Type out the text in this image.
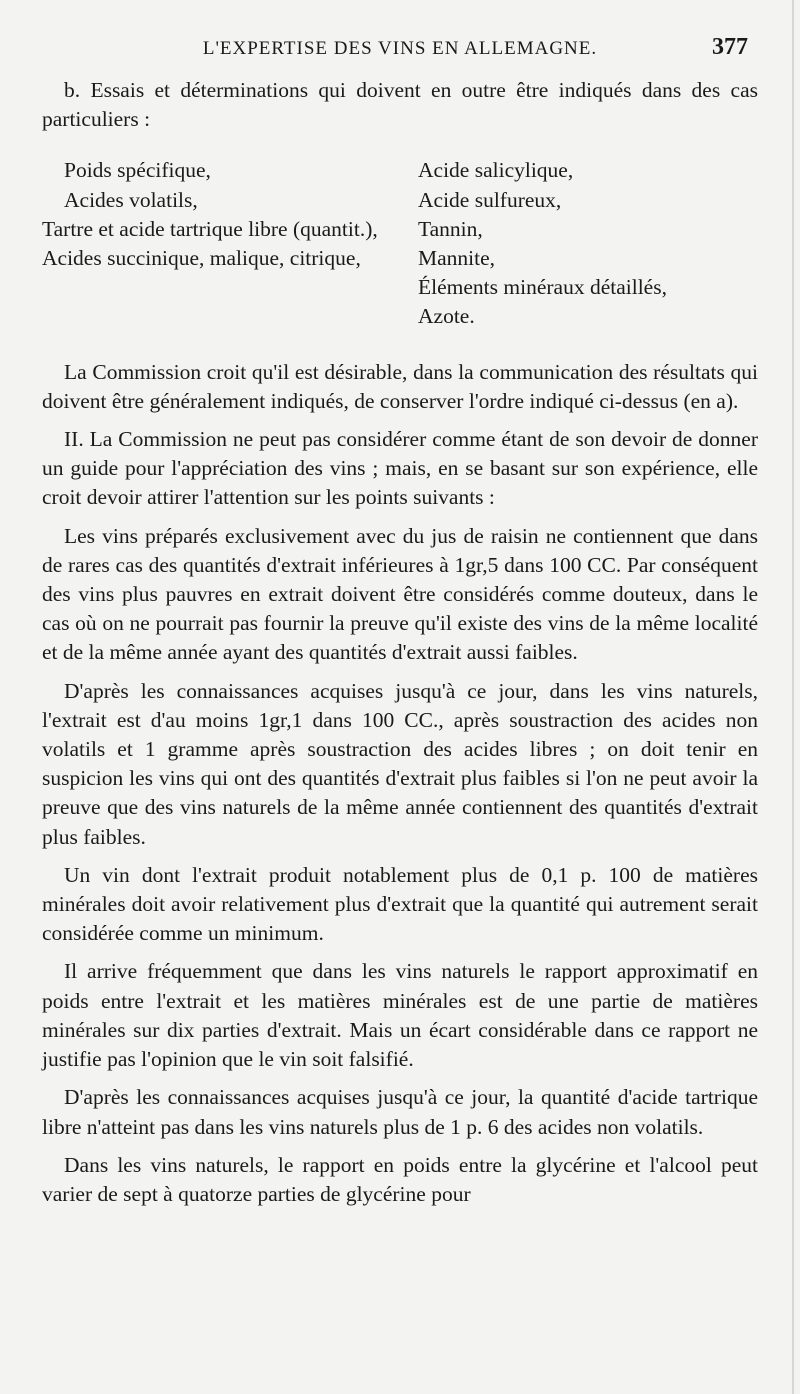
L'EXPERTISE DES VINS EN ALLEMAGNE.	377

b. Essais et déterminations qui doivent en outre être indiqués dans des cas particuliers :

Poids spécifique,
Acides volatils,
Tartre et acide tartrique libre (quantit.),
Acides succinique, malique, citrique,
Acide salicylique,
Acide sulfureux,
Tannin,
Mannite,
Éléments minéraux détaillés,
Azote.

La Commission croit qu'il est désirable, dans la communication des résultats qui doivent être généralement indiqués, de conserver l'ordre indiqué ci-dessus (en a).

II. La Commission ne peut pas considérer comme étant de son devoir de donner un guide pour l'appréciation des vins ; mais, en se basant sur son expérience, elle croit devoir attirer l'attention sur les points suivants :

Les vins préparés exclusivement avec du jus de raisin ne contiennent que dans de rares cas des quantités d'extrait inférieures à 1gr,5 dans 100 CC. Par conséquent des vins plus pauvres en extrait doivent être considérés comme douteux, dans le cas où on ne pourrait pas fournir la preuve qu'il existe des vins de la même localité et de la même année ayant des quantités d'extrait aussi faibles.

D'après les connaissances acquises jusqu'à ce jour, dans les vins naturels, l'extrait est d'au moins 1gr,1 dans 100 CC., après soustraction des acides non volatils et 1 gramme après soustraction des acides libres ; on doit tenir en suspicion les vins qui ont des quantités d'extrait plus faibles si l'on ne peut avoir la preuve que des vins naturels de la même année contiennent des quantités d'extrait plus faibles.

Un vin dont l'extrait produit notablement plus de 0,1 p. 100 de matières minérales doit avoir relativement plus d'extrait que la quantité qui autrement serait considérée comme un minimum.

Il arrive fréquemment que dans les vins naturels le rapport approximatif en poids entre l'extrait et les matières minérales est de une partie de matières minérales sur dix parties d'extrait. Mais un écart considérable dans ce rapport ne justifie pas l'opinion que le vin soit falsifié.

D'après les connaissances acquises jusqu'à ce jour, la quantité d'acide tartrique libre n'atteint pas dans les vins naturels plus de 1 p. 6 des acides non volatils.

Dans les vins naturels, le rapport en poids entre la glycérine et l'alcool peut varier de sept à quatorze parties de glycérine pour
